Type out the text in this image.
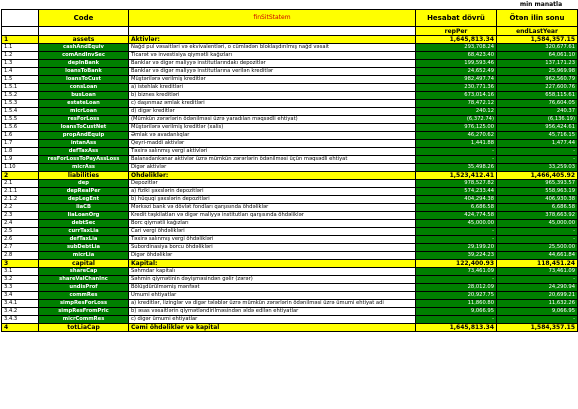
min manatla
	Code	finSitStatem	Hesabat dövrü	Ötən ilin sonu
			repPer	endLastYear
1	assets	Aktivlər:	1,645,813.34	1,584,357.15
1.1	cashAndEquiv	Nağd pul vəsaitləri və ekvivalentləri, o cümlədən bloklaşdırılmış nağd vəsait	293,708.24	320,677.61
1.2	comAndInvSec	Ticarət və investisiya qiymətli kağızları	68,423.40	64,061.10
1.3	depInBank	Banklar və digər maliyyə institutlarındakı depozitlər	199,593.46	137,171.23
1.4	loansToBank	Banklar və digər maliyyə institutlarına verilən kreditlər	24,652.49	25,969.98
1.5	loansToCust	Müştərilərə verilmiş kreditlər	982,497.74	962,560.79
1.5.1	consLoan	a) istehlak kreditləri	230,771.36	227,600.76
1.5.2	busLoan	b) biznes kreditləri	673,014.16	658,115.61
1.5.3	estateLoan	c) daşınmaz əmlak kreditləri	78,472.12	76,604.05
1.5.4	micrLoan	d) digər kreditlər	240.12	240.37
1.5.5	resForLoss	(Mümkün zərərlərin ödənilməsi üzrə yaradılan məqsədli ehtiyat)	(6,372.74)	(6,136.19)
1.5.6	loansToCustNet	Müştərilərə verilmiş kreditlər (xalis)	976,125.00	956,424.61
1.6	propAndEquip	Əmlak və avadanlıqlar	46,270.62	45,716.15
1.7	intanAss	Qeyri-maddi aktivlər	1,441.88	1,477.44
1.8	defTaxAss	Təxirə salınmış vergi aktivləri	-	-
1.9	resForLossToPayAssLoss	Balansdankənar aktivlər üzrə mümkün zərərlərin ödənilməsi üçün məqsədli ehtiyat	-	-
1.10	micrAss	Digər aktivlər	35,498.26	33,259.03
2	liabilities	Öhdəliklər:	1,523,412.41	1,466,405.92
2.1	dep	Depozitlər	978,527.82	965,393.57
2.1.1	depRealPer	a) fiziki şəxslərin depozitləri	574,233.44	558,963.19
2.1.2	depLegEnt	b) hüquqi şəxslərin depozitləri	404,294.38	406,930.38
2.2	liaCB	Mərkəzi bank və dövlət fondları qarşısında öhdəliklər	6,686.58	6,686.58
2.3	liaLoanOrg	Kredit təşkilatları və digər maliyyə institutları qarşısında öhdəliklər	424,774.58	378,663.92
2.4	debtSec	Borc qiymətli kağızları	45,000.00	45,000.00
2.5	currTaxLia	Cari vergi öhdəlikləri	-	-
2.6	defTaxLia	Təxirə salınmış vergi öhdəlikləri	-	-
2.7	subDebtLia	Subordinasiya borcu öhdəlikləri	29,199.20	25,500.00
2.8	micrLia	Digər öhdəliklər	39,224.23	44,661.84
3	capital	Kapital:	122,400.93	118,451.24
3.1	shareCap	Səhmdar kapitalı	73,461.09	73,461.09
3.2	shareValChanInc	Səhmin qiymətinin dəyişməsindən gəlir (zərər)	-	-
3.3	undisProf	Bölüşdürülməmiş mənfəət	28,012.09	24,290.94
3.4	commRes	Ümumi ehtiyatlar	20,927.75	20,699.21
3.4.1	simpResForLoss	a) kreditlər, lizinglər və digər tələblər üzrə mümkün zərərlərin ödənilməsi üzrə ümumi ehtiyat adi	11,860.80	11,632.26
3.4.2	simpResFromPric	b) əsas vəsaitlərin qiymətləndirilməsindən əldə edilən ehtiyatlar	9,066.95	9,066.95
3.4.3	micrCommRes	c) digər ümumi ehtiyatlar	-	-
4	totLiaCap	Cəmi öhdəliklər və kapital	1,645,813.34	1,584,357.15
